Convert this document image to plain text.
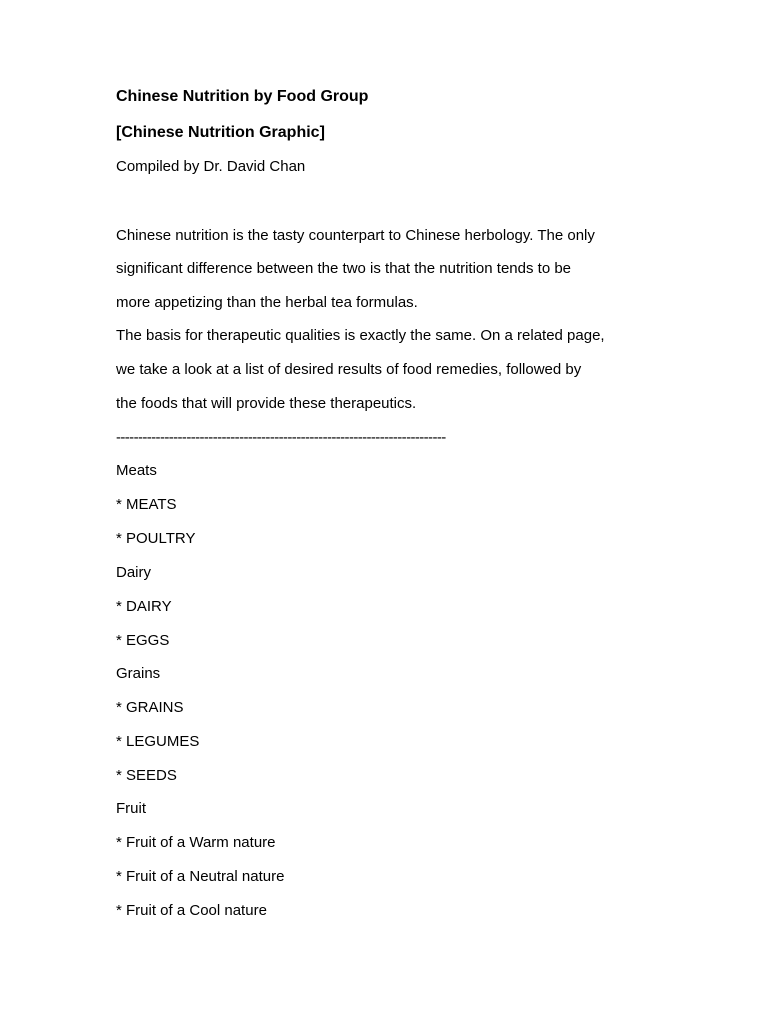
Chinese Nutrition by Food Group

[Chinese Nutrition Graphic]

Compiled by Dr. David Chan

Chinese nutrition is the tasty counterpart to Chinese herbology. The only

significant difference between the two is that the nutrition tends to be

more appetizing than the herbal tea formulas.

The basis for therapeutic qualities is exactly the same. On a related page,

we take a look at a list of desired results of food remedies, followed by

the foods that will provide these therapeutics.

---------------------------------------------------------------------------

Meats

* MEATS

* POULTRY

Dairy

* DAIRY

* EGGS

Grains

* GRAINS

* LEGUMES

* SEEDS

Fruit

* Fruit of a Warm nature

* Fruit of a Neutral nature

* Fruit of a Cool nature
